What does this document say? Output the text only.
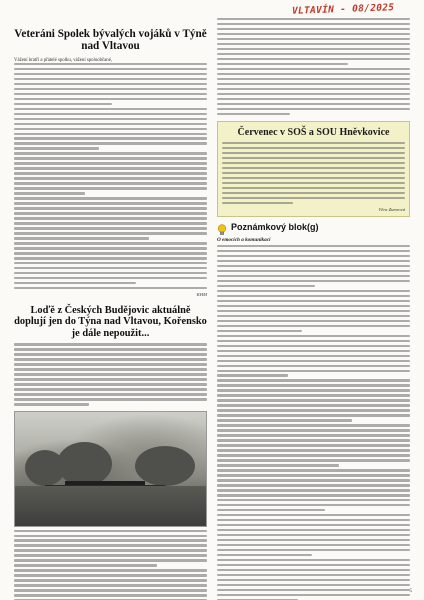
VLTAVÍN - 08/2025
Veteráni Spolek bývalých vojáků v Týně nad Vltavou
Vážení bratři a přátelé spolku, vážení spoluobčané,
KHM
Loďě z Českých Budějovic aktuálně doplují jen do Týna nad Vltavou, Kořensko je dále nepoužit...
Červenec v SOŠ a SOU Hněvkovice
Věra Zumrová
Poznámkový blok(g)
O emocích a komunikaci
5
